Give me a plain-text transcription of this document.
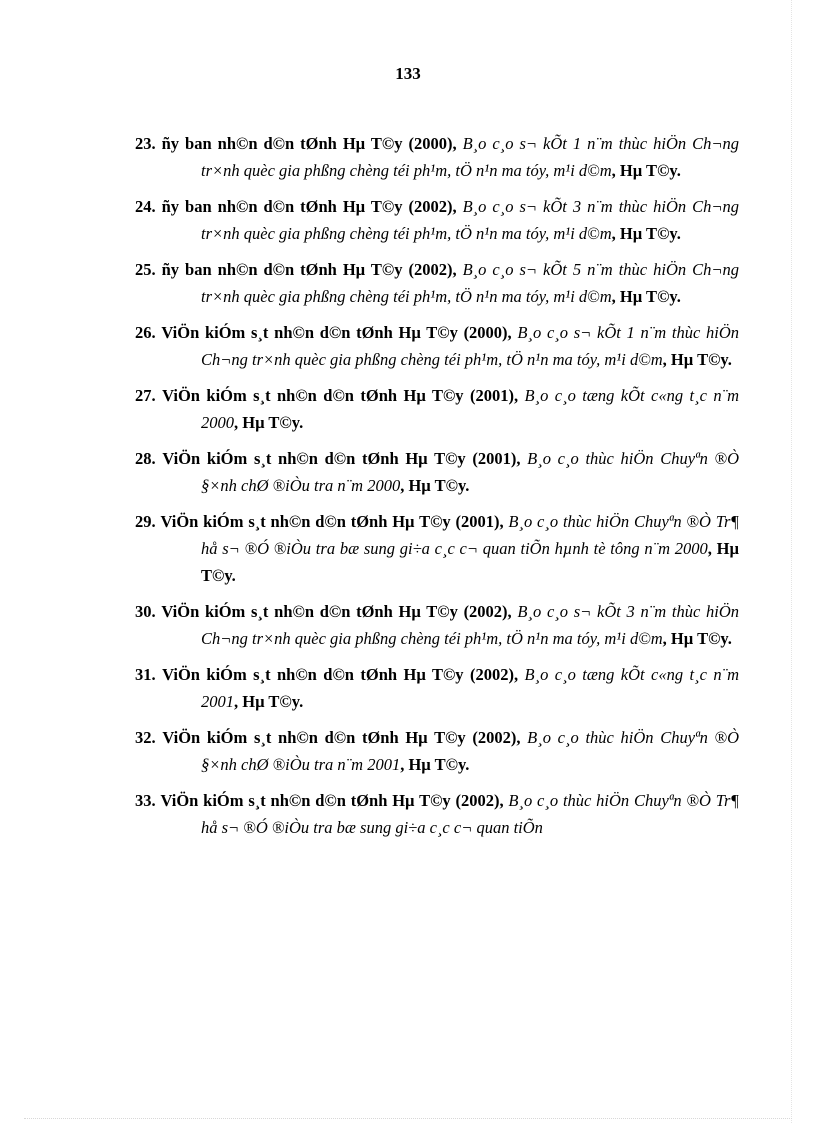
133

23. ñy ban nh©n d©n tØnh Hµ T©y (2000), B¸o c¸o s¬ kÕt 1 n¨m thùc hiÖn Ch¬ng tr×nh quèc gia phßng chèng téi ph¹m, tÖ n¹n ma tóy, m¹i d©m, Hµ T©y.

24. ñy ban nh©n d©n tØnh Hµ T©y (2002), B¸o c¸o s¬ kÕt 3 n¨m thùc hiÖn Ch¬ng tr×nh quèc gia phßng chèng téi ph¹m, tÖ n¹n ma tóy, m¹i d©m, Hµ T©y.

25. ñy ban nh©n d©n tØnh Hµ T©y (2002), B¸o c¸o s¬ kÕt 5 n¨m thùc hiÖn Ch¬ng tr×nh quèc gia phßng chèng téi ph¹m, tÖ n¹n ma tóy, m¹i d©m, Hµ T©y.

26. ViÖn kiÓm s¸t nh©n d©n tØnh Hµ T©y (2000), B¸o c¸o s¬ kÕt 1 n¨m thùc hiÖn Ch¬ng tr×nh quèc gia phßng chèng téi ph¹m, tÖ n¹n ma tóy, m¹i d©m, Hµ T©y.

27. ViÖn kiÓm s¸t nh©n d©n tØnh Hµ T©y (2001), B¸o c¸o tæng kÕt c«ng t¸c n¨m 2000, Hµ T©y.

28. ViÖn kiÓm s¸t nh©n d©n tØnh Hµ T©y (2001), B¸o c¸o thùc hiÖn Chuyªn ®Ò §×nh chØ ®iÒu tra n¨m 2000, Hµ T©y.

29. ViÖn kiÓm s¸t nh©n d©n tØnh Hµ T©y (2001), B¸o c¸o thùc hiÖn Chuyªn ®Ò Tr¶ hå s¬ ®Ó ®iÒu tra bæ sung gi÷a c¸c c¬ quan tiÕn hµnh tè tông n¨m 2000, Hµ T©y.

30. ViÖn kiÓm s¸t nh©n d©n tØnh Hµ T©y (2002), B¸o c¸o s¬ kÕt 3 n¨m thùc hiÖn Ch¬ng tr×nh quèc gia phßng chèng téi ph¹m, tÖ n¹n ma tóy, m¹i d©m, Hµ T©y.

31. ViÖn kiÓm s¸t nh©n d©n tØnh Hµ T©y (2002), B¸o c¸o tæng kÕt c«ng t¸c n¨m 2001, Hµ T©y.

32. ViÖn kiÓm s¸t nh©n d©n tØnh Hµ T©y (2002), B¸o c¸o thùc hiÖn Chuyªn ®Ò §×nh chØ ®iÒu tra n¨m 2001, Hµ T©y.

33. ViÖn kiÓm s¸t nh©n d©n tØnh Hµ T©y (2002), B¸o c¸o thùc hiÖn Chuyªn ®Ò Tr¶ hå s¬ ®Ó ®iÒu tra bæ sung gi÷a c¸c c¬ quan tiÕn
